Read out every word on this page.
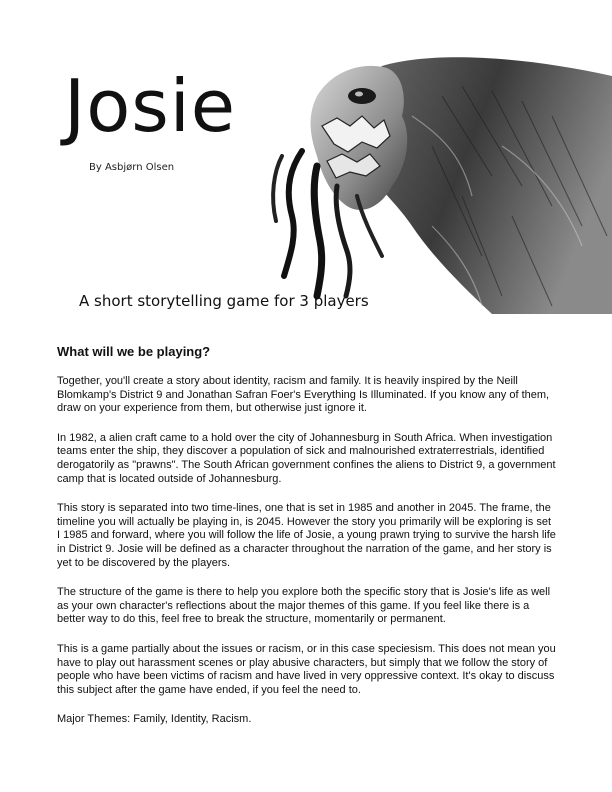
Josie
By Asbjørn Olsen
A short storytelling game for 3 players
What will we be playing?

Together, you'll create a story about identity, racism and family. It is heavily inspired by the Neill Blomkamp's District 9 and Jonathan Safran Foer's Everything Is Illuminated. If you know any of them, draw on your experience from them, but otherwise just ignore it.

In 1982, a alien craft came to a hold over the city of Johannesburg in South Africa. When investigation teams enter the ship, they discover a population of sick and malnourished extraterrestrials, identified derogatorily as "prawns". The South African government confines the aliens to District 9, a government camp that is located outside of Johannesburg.

This story is separated into two time-lines, one that is set in 1985 and another in 2045. The frame, the timeline you will actually be playing in, is 2045. However the story you primarily will be exploring is set I 1985 and forward, where you will follow the life of Josie, a young prawn trying to survive the harsh life in District 9. Josie will be defined as a character throughout the narration of the game, and her story is yet to be discovered by the players.

The structure of the game is there to help you explore both the specific story that is Josie's life as well as your own character's reflections about the major themes of this game. If you feel like there is a better way to do this, feel free to break the structure, momentarily or permanent.

This is a game partially about the issues or racism, or in this case speciesism. This does not mean you have to play out harassment scenes or play abusive characters, but simply that we follow the story of people who have been victims of racism and have lived in very oppressive context. It's okay to discuss this subject after the game have ended, if you feel the need to.

Major Themes: Family, Identity, Racism.
